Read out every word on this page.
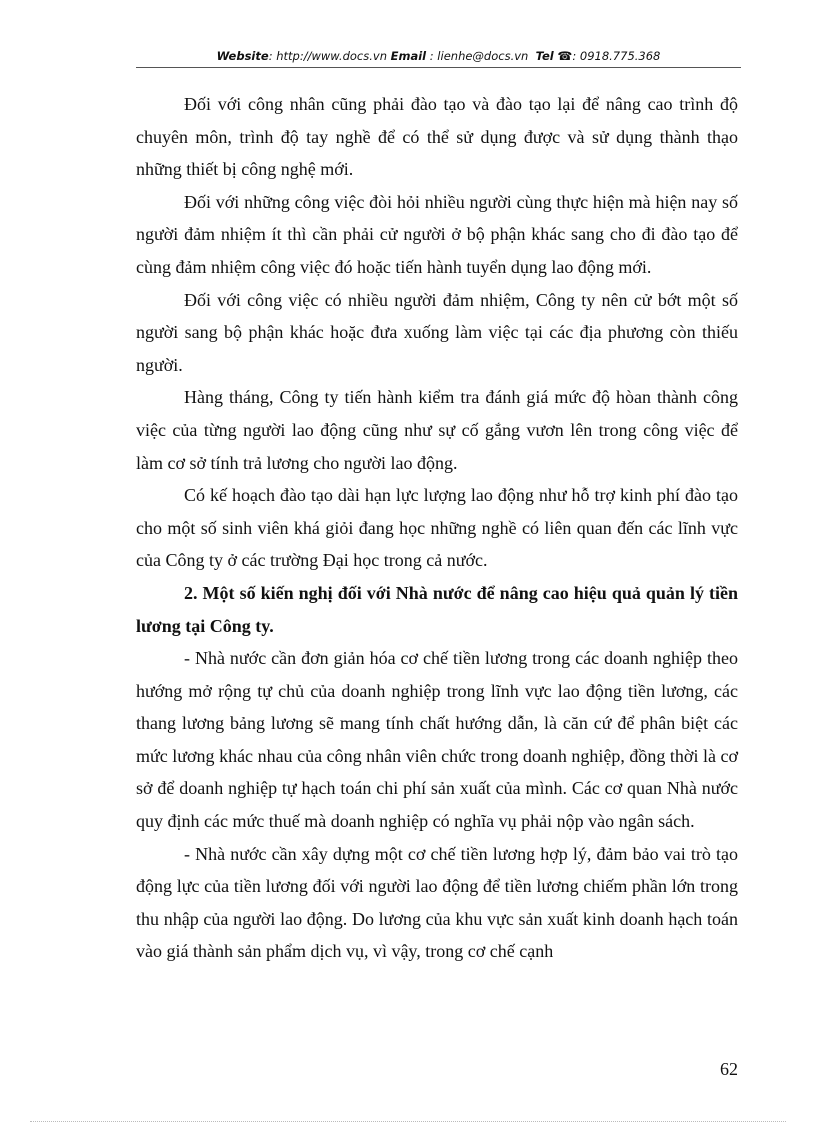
Website: http://www.docs.vn Email : lienhe@docs.vn Tel ☎: 0918.775.368

Đối với công nhân cũng phải đào tạo và đào tạo lại để nâng cao trình độ chuyên môn, trình độ tay nghề để có thể sử dụng được và sử dụng thành thạo những thiết bị công nghệ mới.

Đối với những công việc đòi hỏi nhiều người cùng thực hiện mà hiện nay số người đảm nhiệm ít thì cần phải cử người ở bộ phận khác sang cho đi đào tạo để cùng đảm nhiệm công việc đó hoặc tiến hành tuyển dụng lao động mới.

Đối với công việc có nhiều người đảm nhiệm, Công ty nên cử bớt một số người sang bộ phận khác hoặc đưa xuống làm việc tại các địa phương còn thiếu người.

Hàng tháng, Công ty tiến hành kiểm tra đánh giá mức độ hòan thành công việc của từng người lao động cũng như sự cố gắng vươn lên trong công việc để làm cơ sở tính trả lương cho người lao động.

Có kế hoạch đào tạo dài hạn lực lượng lao động như hỗ trợ kinh phí đào tạo cho một số sinh viên khá giỏi đang học những nghề có liên quan đến các lĩnh vực của Công ty ở các trường Đại học trong cả nước.

2. Một số kiến nghị đối với Nhà nước để nâng cao hiệu quả quản lý tiền lương tại Công ty.

- Nhà nước cần đơn giản hóa cơ chế tiền lương trong các doanh nghiệp theo hướng mở rộng tự chủ của doanh nghiệp trong lĩnh vực lao động tiền lương, các thang lương bảng lương sẽ mang tính chất hướng dẫn, là căn cứ để phân biệt các mức lương khác nhau của công nhân viên chức trong doanh nghiệp, đồng thời là cơ sở để doanh nghiệp tự hạch toán chi phí sản xuất của mình. Các cơ quan Nhà nước quy định các mức thuế mà doanh nghiệp có nghĩa vụ phải nộp vào ngân sách.

- Nhà nước cần xây dựng một cơ chế tiền lương hợp lý, đảm bảo vai trò tạo động lực của tiền lương đối với người lao động để tiền lương chiếm phần lớn trong thu nhập của người lao động. Do lương của khu vực sản xuất kinh doanh hạch toán vào giá thành sản phẩm dịch vụ, vì vậy, trong cơ chế cạnh

62
